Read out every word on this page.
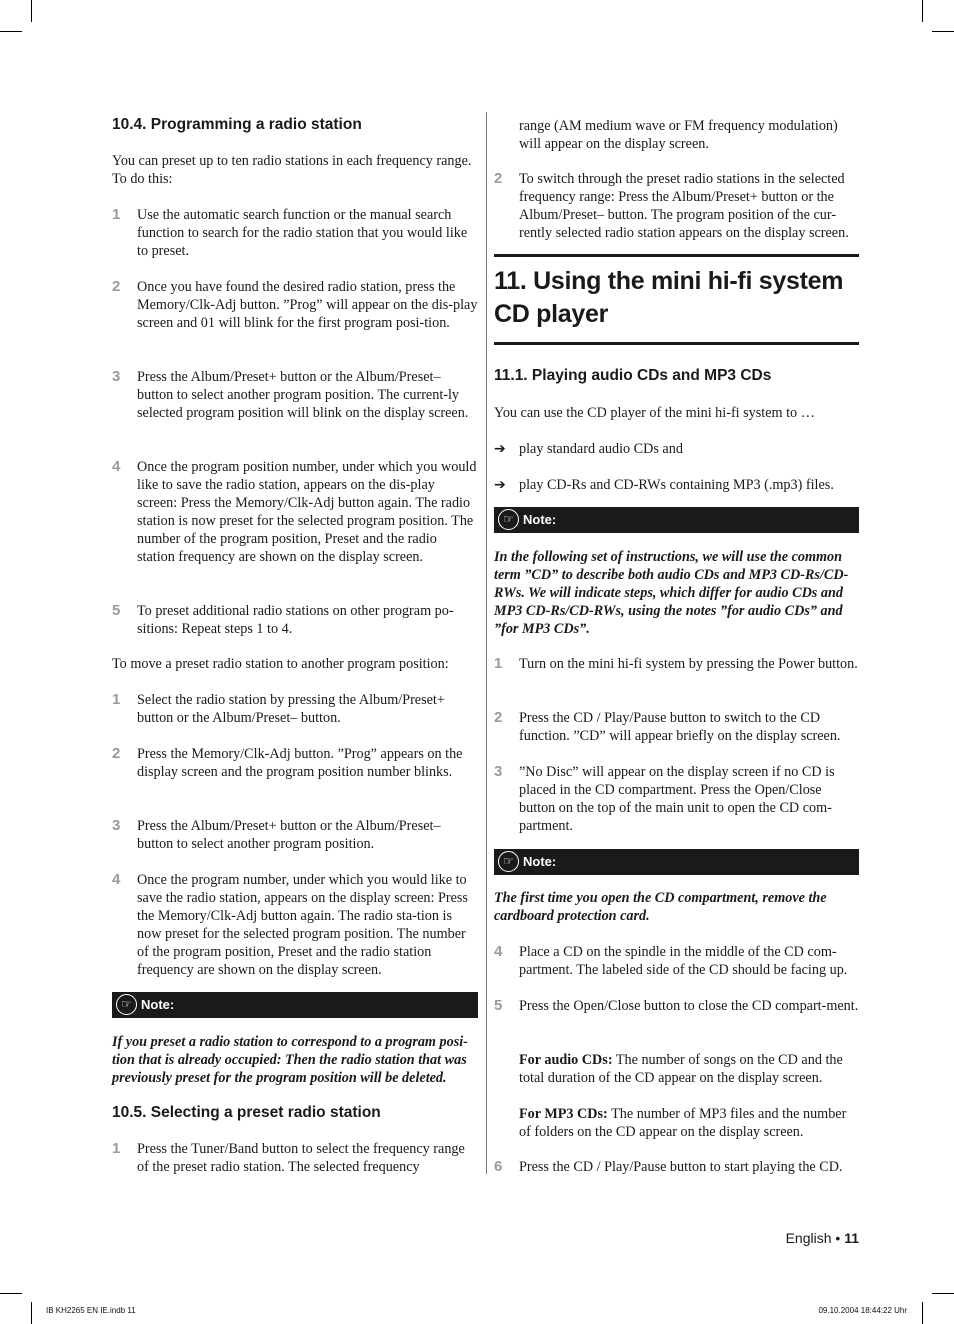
10.4. Programming a radio station

You can preset up to ten radio stations in each frequency range. To do this:

1	Use the automatic search function or the manual search function to search for the radio station that you would like to preset.

2	Once you have found the desired radio station, press the Memory/Clk-Adj button. ”Prog” will appear on the dis-play screen and 01 will blink for the first program posi-tion.

3	Press the Album/Preset+ button or the Album/Preset– button to select another program position. The current-ly selected program position will blink on the display screen.

4	Once the program position number, under which you would like to save the radio station, appears on the dis-play screen: Press the Memory/Clk-Adj button again. The radio station is now preset for the selected program position. The number of the program position, Preset and the radio station frequency are shown on the display screen.

5	To preset additional radio stations on other program po-sitions: Repeat steps 1 to 4.

To move a preset radio station to another program position:

1	Select the radio station by pressing the Album/Preset+ button or the Album/Preset– button.

2	Press the Memory/Clk-Adj button. ”Prog” appears on the display screen and the program position number blinks.

3	Press the Album/Preset+ button or the Album/Preset– button to select another program position.

4	Once the program number, under which you would like to save the radio station, appears on the display screen: Press the Memory/Clk-Adj button again. The radio sta-tion is now preset for the selected program position. The number of the program position, Preset and the radio station frequency are shown on the display screen.

☞ Note:

If you preset a radio station to correspond to a program posi-tion that is already occupied: Then the radio station that was previously preset for the program position will be deleted.

10.5. Selecting a preset radio station
1	Press the Tuner/Band button to select the frequency range of the preset radio station. The selected frequency

range (AM medium wave or FM frequency modulation) will appear on the display screen.

2	To switch through the preset radio stations in the selected frequency range: Press the Album/Preset+ button or the Album/Preset– button. The program position of the cur-rently selected radio station appears on the display screen.

11. Using the mini hi-fi system
CD player
11.1. Playing audio CDs and MP3 CDs

You can use the CD player of the mini hi-fi system to …

➔ play standard audio CDs and
➔ play CD-Rs and CD-RWs containing MP3 (.mp3) files.
☞ Note:

In the following set of instructions, we will use the common term ”CD” to describe both audio CDs and MP3 CD-Rs/CD-RWs. We will indicate steps, which differ for audio CDs and MP3 CD-Rs/CD-RWs, using the notes ”for audio CDs” and ”for MP3 CDs”.

1	Turn on the mini hi-fi system by pressing the Power button.

2	Press the CD / Play/Pause button to switch to the CD function. ”CD” will appear briefly on the display screen.

3	”No Disc” will appear on the display screen if no CD is placed in the CD compartment. Press the Open/Close button on the top of the main unit to open the CD com-partment.

☞ Note:

The first time you open the CD compartment, remove the cardboard protection card.

4	Place a CD on the spindle in the middle of the CD com-partment. The labeled side of the CD should be facing up.

5	Press the Open/Close button to close the CD compart-ment.

For audio CDs: The number of songs on the CD and the total duration of the CD appear on the display screen.

For MP3 CDs: The number of MP3 files and the number of folders on the CD appear on the display screen.

6	Press the CD / Play/Pause button to start playing the CD.

English • 11
IB KH2265 EN IE.indb 11	09.10.2004 18:44:22 Uhr
